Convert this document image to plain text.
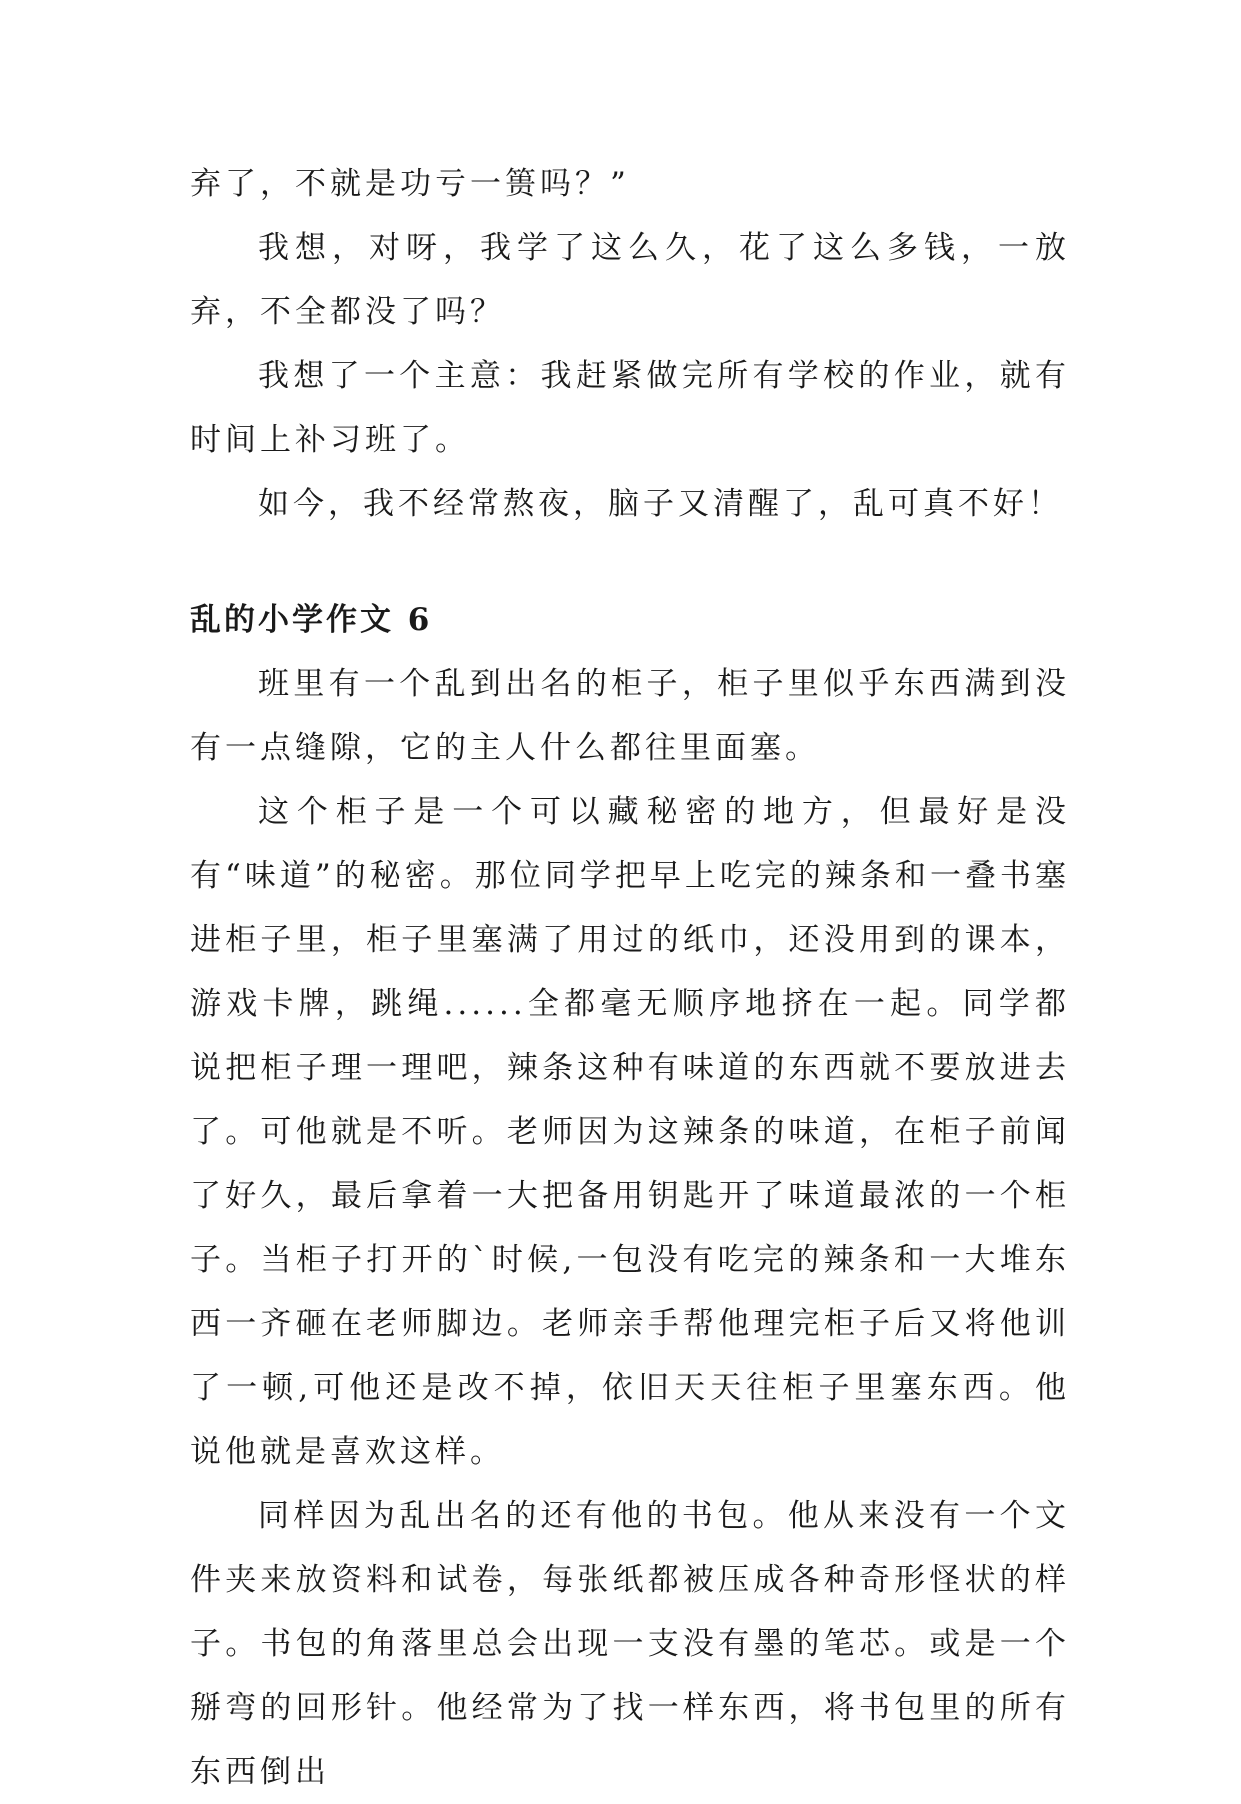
弃了，不就是功亏一篑吗？”

我想，对呀，我学了这么久，花了这么多钱，一放弃，不全都没了吗？

我想了一个主意：我赶紧做完所有学校的作业，就有时间上补习班了。

如今，我不经常熬夜，脑子又清醒了，乱可真不好！

乱的小学作文 6

班里有一个乱到出名的柜子，柜子里似乎东西满到没有一点缝隙，它的主人什么都往里面塞。

这个柜子是一个可以藏秘密的地方，但最好是没有“味道”的秘密。那位同学把早上吃完的辣条和一叠书塞进柜子里，柜子里塞满了用过的纸巾，还没用到的课本，游戏卡牌，跳绳......全都毫无顺序地挤在一起。同学都说把柜子理一理吧，辣条这种有味道的东西就不要放进去了。可他就是不听。老师因为这辣条的味道，在柜子前闻了好久，最后拿着一大把备用钥匙开了味道最浓的一个柜子。当柜子打开的`时候,一包没有吃完的辣条和一大堆东西一齐砸在老师脚边。老师亲手帮他理完柜子后又将他训了一顿,可他还是改不掉，依旧天天往柜子里塞东西。他说他就是喜欢这样。

同样因为乱出名的还有他的书包。他从来没有一个文件夹来放资料和试卷，每张纸都被压成各种奇形怪状的样子。书包的角落里总会出现一支没有墨的笔芯。或是一个掰弯的回形针。他经常为了找一样东西，将书包里的所有东西倒出
